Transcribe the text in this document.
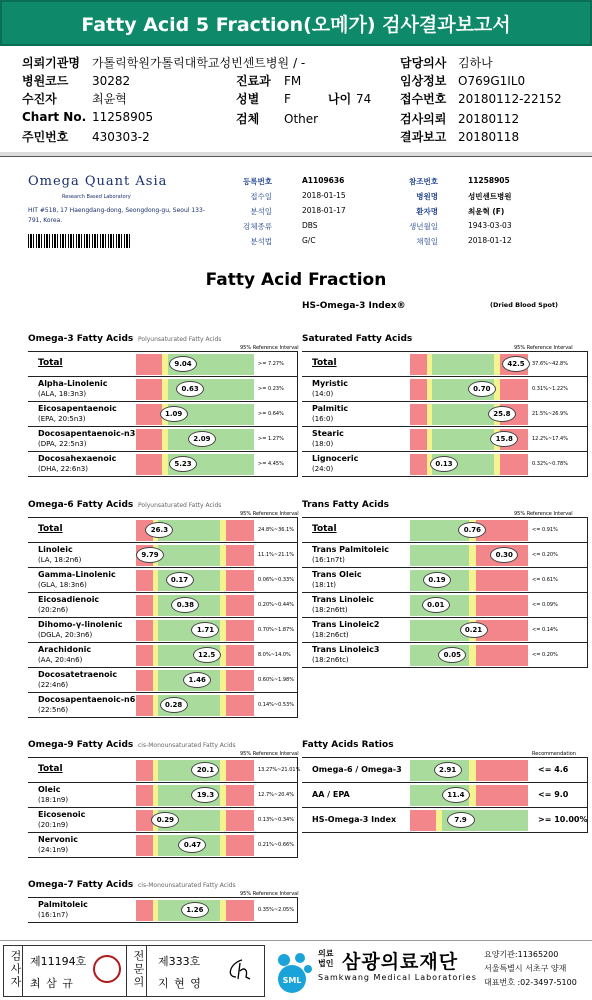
Fatty Acid 5 Fraction(오메가) 검사결과보고서
의뢰기관명 가톨릭학원가톨릭대학교성빈센트병원 / -
병원코드 30282
수진자	최윤혁
Chart No. 11258905
주민번호 430303-2
진료과 FM
성별 F	나이 74
검체 Other
담당의사 김하나
임상정보 O769G1IL0
접수번호 20180112-22152
검사의뢰 20180112
결과보고 20180118
Omega Quant Asia
Research Based Laboratory
HIT #518, 17 Haengdang-dong, Seongdong-gu, Seoul 133-791, Korea.
등록번호	A1109636
접수일	2018-01-15
분석일	2018-01-17
검체종류	DBS
분석법	G/C
참조번호	11258905
병원명	성빈센트병원
환자명	최윤혁 (F)
생년월일	1943-03-03
채혈일	2018-01-12
Fatty Acid Fraction
HS-Omega-3 Index®	(Dried Blood Spot)
Omega-3 Fatty Acids Polyunsaturated Fatty Acids
95% Reference Interval
Total	9.04	>= 7.27%
Alpha-Linolenic
(ALA, 18:3n3)
0.63	>= 0.23%
Eicosapentaenoic
(EPA, 20:5n3)
1.09	>= 0.64%
Docosapentaenoic-n3
(DPA, 22:5n3)
2.09	>= 1.27%
Docosahexaenoic
(DHA, 22:6n3)
5.23	>= 4.45%
Saturated Fatty Acids
95% Reference Interval
Total	42.5	37.6%~42.8%
Myristic
(14:0)
0.70	0.31%~1.22%
Palmitic
(16:0)
25.8	21.5%~26.9%
Stearic
(18:0)
15.8	12.2%~17.4%
Lignoceric
(24:0)
0.13	0.32%~0.78%
Omega-6 Fatty Acids Polyunsaturated Fatty Acids
95% Reference Interval
Total	26.3	24.8%~36.1%
Linoleic
(LA, 18:2n6)
9.79	11.1%~21.1%
Gamma-Linolenic
(GLA, 18:3n6)
0.17	0.06%~0.33%
Eicosadienoic
(20:2n6)
0.38	0.20%~0.44%
Dihomo-γ-linolenic
(DGLA, 20:3n6)
1.71	0.70%~1.87%
Arachidonic
(AA, 20:4n6)
12.5	8.0%~14.0%
Docosatetraenoic
(22:4n6)
1.46	0.60%~1.98%
Docosapentaenoic-n6
(22:5n6)
0.28	0.14%~0.53%
Trans Fatty Acids
95% Reference Interval
Total	0.76	<= 0.91%
Trans Palmitoleic
(16:1n7t)
0.30	<= 0.20%
Trans Oleic
(18:1t)
0.19	<= 0.61%
Trans Linoleic
(18:2n6tt)
0.01	<= 0.09%
Trans Linoleic2
(18:2n6ct)
0.21	<= 0.14%
Trans Linoleic3
(18:2n6tc)
0.05	<= 0.20%
Omega-9 Fatty Acids cis-Monounsaturated Fatty Acids
95% Reference Interval
Total	20.1	13.27%~21.01%
Oleic
(18:1n9)
19.3	12.7%~20.4%
Eicosenoic
(20:1n9)
0.29	0.13%~0.34%
Nervonic
(24:1n9)
0.47	0.21%~0.66%
Fatty Acids Ratios
Recommendation
Omega-6 / Omega-3	2.91	<= 4.6
AA / EPA	11.4	<= 9.0
HS-Omega-3 Index	7.9	>= 10.00%
Omega-7 Fatty Acids cis-Monounsaturated Fatty Acids
95% Reference Interval
Palmitoleic
(16:1n7)
1.26	0.35%~2.05%
검사자 제11194호
최 삼 규	전문의 제333호
지 현 영	SML
의료법인 삼광의료재단
Samkwang Medical Laboratories
요양기관:11365200
서울특별시 서초구 양재
대표번호 :02-3497-5100
